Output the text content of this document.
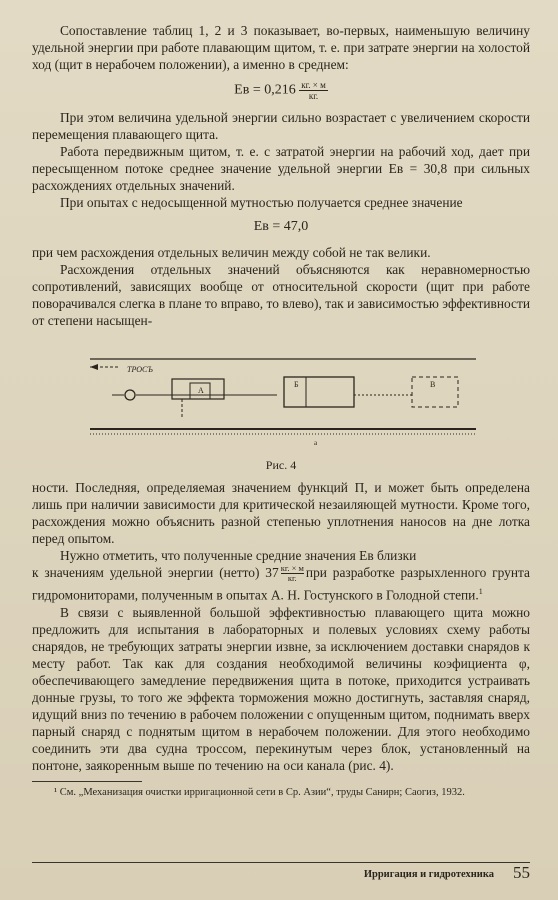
Сопоставление таблиц 1, 2 и 3 показывает, во-первых, наименьшую величину удельной энергии при работе плавающим щитом, т. е. при затрате энергии на холостой ход (щит в нерабочем положении), а именно в среднем:

Eв = 0,216 кг. × м
кг.

При этом величина удельной энергии сильно возрастает с увеличением скорости перемещения плавающего щита.

Работа передвижным щитом, т. е. с затратой энергии на рабочий ход, дает при пересыщенном потоке среднее значение удельной энергии Eв = 30,8 при сильных расхождениях отдельных значений.

При опытах с недосыщенной мутностью получается среднее значение

Eв = 47,0

при чем расхождения отдельных величин между собой не так велики.

Расхождения отдельных значений объясняются как неравномерностью сопротивлений, зависящих вообще от относительной скорости (щит при работе поворачивался слегка в плане то вправо, то влево), так и зависимостью эффективности от степени насыщен-

ТРОСЪ
А
Б	В
а
Рис. 4

ности. Последняя, определяемая значением функций П, и может быть определена лишь при наличии зависимости для критической незаиляющей мутности. Кроме того, расхождения можно объяснить разной степенью уплотнения наносов на дне лотка перед опытом.

Нужно отметить, что полученные средние значения Eв близки

к значениям удельной энергии (нетто) $37 \frac{кг. \times м}{кг.}$ при разработке разрыхленного грунта гидромониторами, полученным в опытах А. Н. Гостунского в Голодной степи.$^1$

В связи с выявленной большой эффективностью плавающего щита можно предложить для испытания в лабораторных и полевых условиях схему работы снарядов, не требующих затраты энергии извне, за исключением доставки снарядов к месту работ. Так как для создания необходимой величины коэфициента φ, обеспечивающего замедление передвижения щита в потоке, приходится устраивать донные грузы, то того же эффекта торможения можно достигнуть, заставляя снаряд, идущий вниз по течению в рабочем положении с опущенным щитом, поднимать вверх парный снаряд с поднятым щитом в нерабочем положении. Для этого необходимо соединить эти два судна троссом, перекинутым через блок, установленный на понтоне, заякоренным выше по течению на оси канала (рис. 4).

¹ См. „Механизация очистки ирригационной сети в Ср. Азии“, труды Санирн; Саогиз, 1932.

Ирригация и гидротехника 55
